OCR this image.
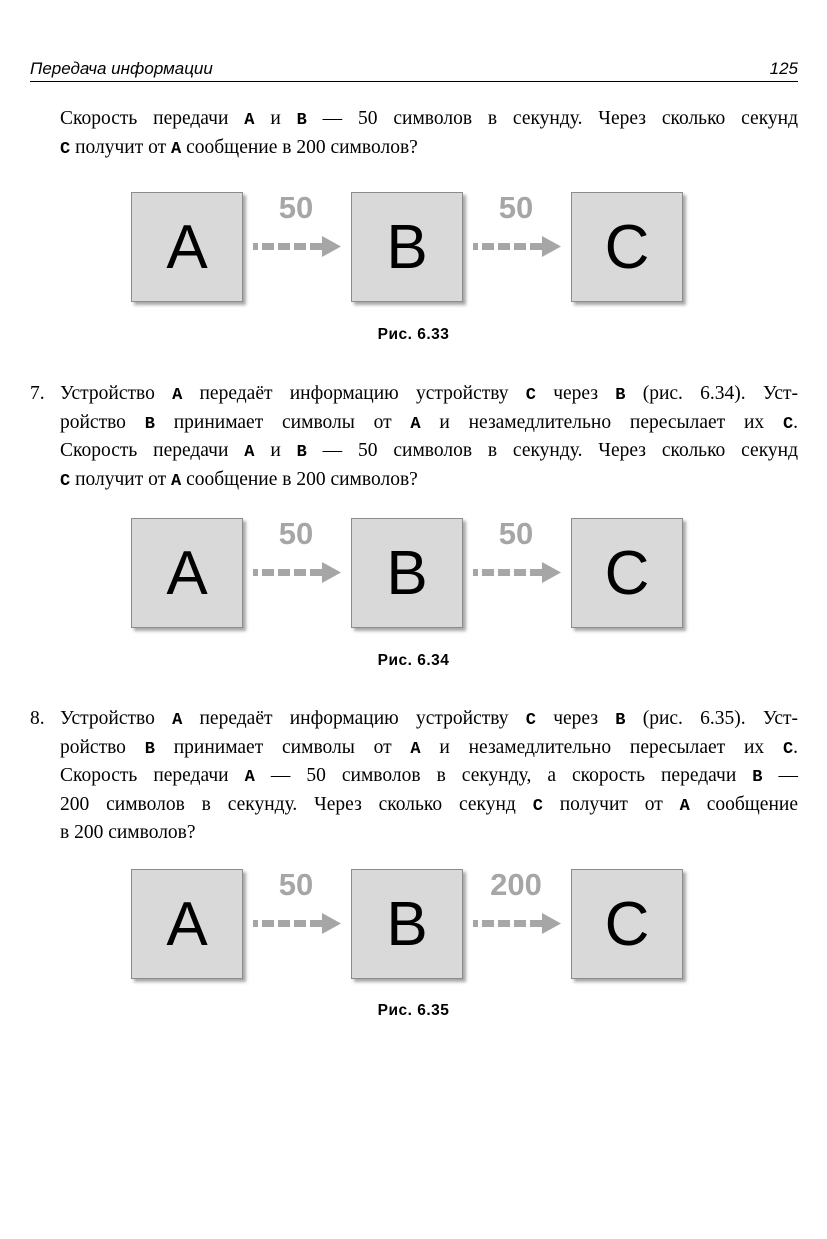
Передача информации	125

Скорость передачи A и B — 50 символов в секунду. Через сколько секунд
C получит от A сообщение в 200 символов?

A
50
B
50
C
Рис. 6.33

7. Устройство A передаёт информацию устройству C через B (рис. 6.34). Уст-
ройство B принимает символы от A и незамедлительно пересылает их C.
Скорость передачи A и B — 50 символов в секунду. Через сколько секунд
C получит от A сообщение в 200 символов?

A
50
B
50
C
Рис. 6.34

8. Устройство A передаёт информацию устройству C через B (рис. 6.35). Уст-
ройство B принимает символы от A и незамедлительно пересылает их C.
Скорость передачи A — 50 символов в секунду, а скорость передачи B —
200 символов в секунду. Через сколько секунд C получит от A сообщение
в 200 символов?

A
50
B
200
C
Рис. 6.35
